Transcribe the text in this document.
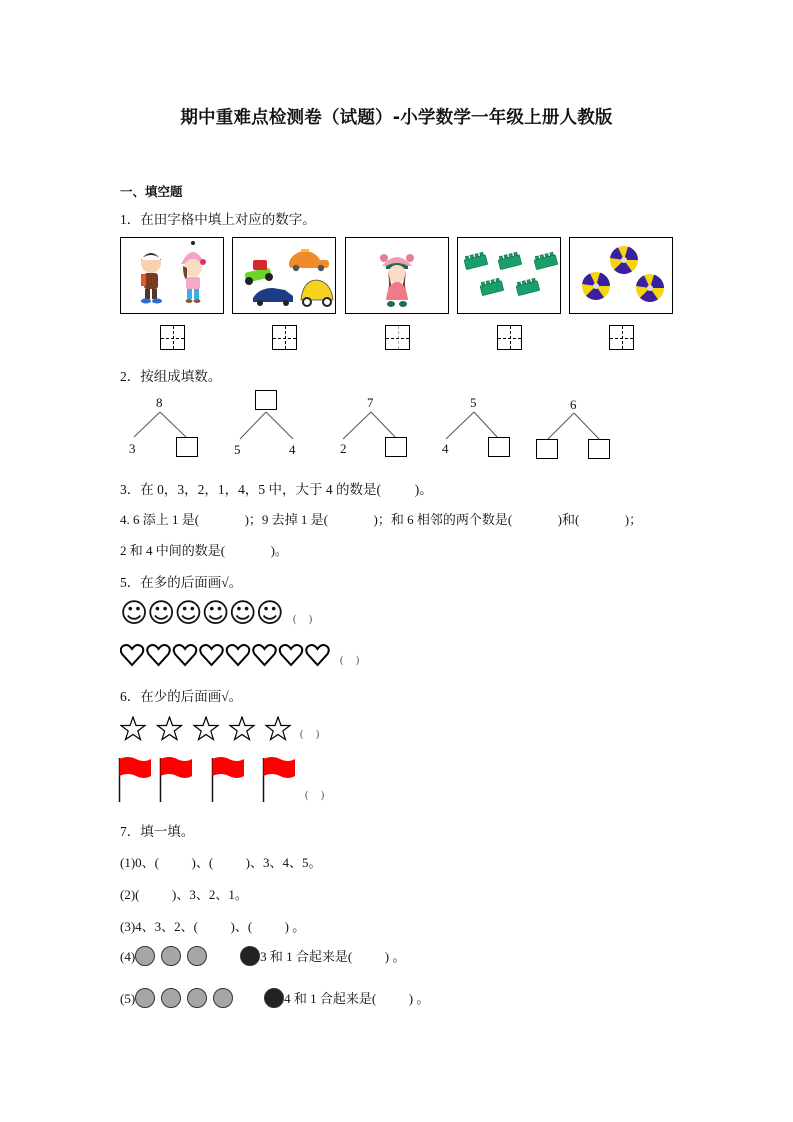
期中重难点检测卷（试题）-小学数学一年级上册人教版
一、填空题
1．在田字格中填上对应的数字。
2．按组成填数。
8
3	5	4
7
2
5
4
6
3．在 0，3，2，1，4，5 中，大于 4 的数是(          )。
4. 6 添上 1 是(              )；9 去掉 1 是(              )；和 6 相邻的两个数是(              )和(              )；
2 和 4 中间的数是(              )。
5．在多的后面画√。
☺☺☺☺☺☺ (     )
(     )
6．在少的后面画√。
(     )
(     )
7．填一填。
(1)0、(          )、(          )、3、4、5。
(2)(          )、3、2、1。
(3)4、3、2、(          )、(          ) 。
(4)	3 和 1 合起来是(          ) 。
(5)	4 和 1 合起来是(          ) 。
